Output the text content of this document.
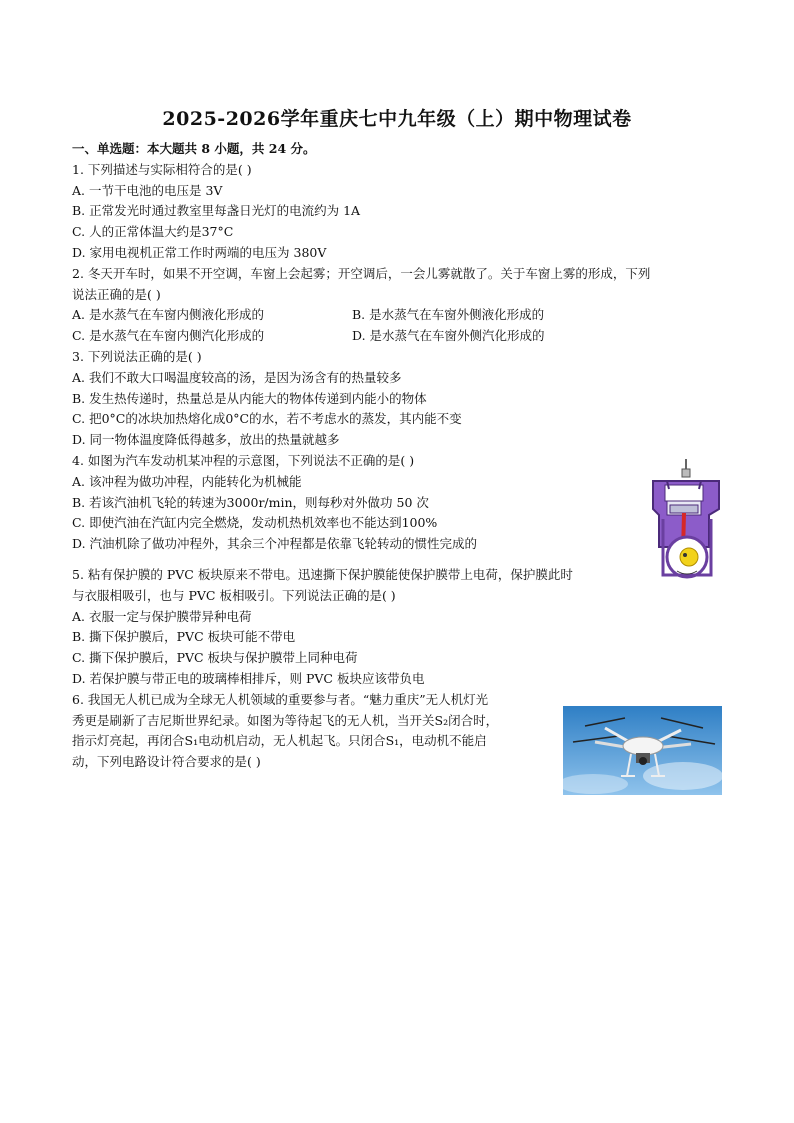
2025-2026学年重庆七中九年级（上）期中物理试卷
一、单选题：本大题共 8 小题，共 24 分。
1. 下列描述与实际相符合的是( )
A. 一节干电池的电压是 3V
B. 正常发光时通过教室里每盏日光灯的电流约为 1A
C. 人的正常体温大约是37°C
D. 家用电视机正常工作时两端的电压为 380V
2. 冬天开车时，如果不开空调，车窗上会起雾；开空调后，一会儿雾就散了。关于车窗上雾的形成，下列
说法正确的是( )
A. 是水蒸气在车窗内侧液化形成的	B. 是水蒸气在车窗外侧液化形成的
C. 是水蒸气在车窗内侧汽化形成的	D. 是水蒸气在车窗外侧汽化形成的
3. 下列说法正确的是( )
A. 我们不敢大口喝温度较高的汤，是因为汤含有的热量较多
B. 发生热传递时，热量总是从内能大的物体传递到内能小的物体
C. 把0°C的冰块加热熔化成0°C的水，若不考虑水的蒸发，其内能不变
D. 同一物体温度降低得越多，放出的热量就越多
4. 如图为汽车发动机某冲程的示意图，下列说法不正确的是( )
A. 该冲程为做功冲程，内能转化为机械能
B. 若该汽油机飞轮的转速为3000r/min，则每秒对外做功 50 次
C. 即使汽油在汽缸内完全燃烧，发动机热机效率也不能达到100%
D. 汽油机除了做功冲程外，其余三个冲程都是依靠飞轮转动的惯性完成的
5. 粘有保护膜的 PVC 板块原来不带电。迅速撕下保护膜能使保护膜带上电荷，保护膜此时
与衣服相吸引，也与 PVC 板相吸引。下列说法正确的是( )
A. 衣服一定与保护膜带异种电荷
B. 撕下保护膜后，PVC 板块可能不带电
C. 撕下保护膜后，PVC 板块与保护膜带上同种电荷
D. 若保护膜与带正电的玻璃棒相排斥，则 PVC 板块应该带负电
6. 我国无人机已成为全球无人机领域的重要参与者。“魅力重庆”无人机灯光
秀更是刷新了吉尼斯世界纪录。如图为等待起飞的无人机，当开关S₂闭合时，
指示灯亮起，再闭合S₁电动机启动，无人机起飞。只闭合S₁，电动机不能启
动，下列电路设计符合要求的是( )
